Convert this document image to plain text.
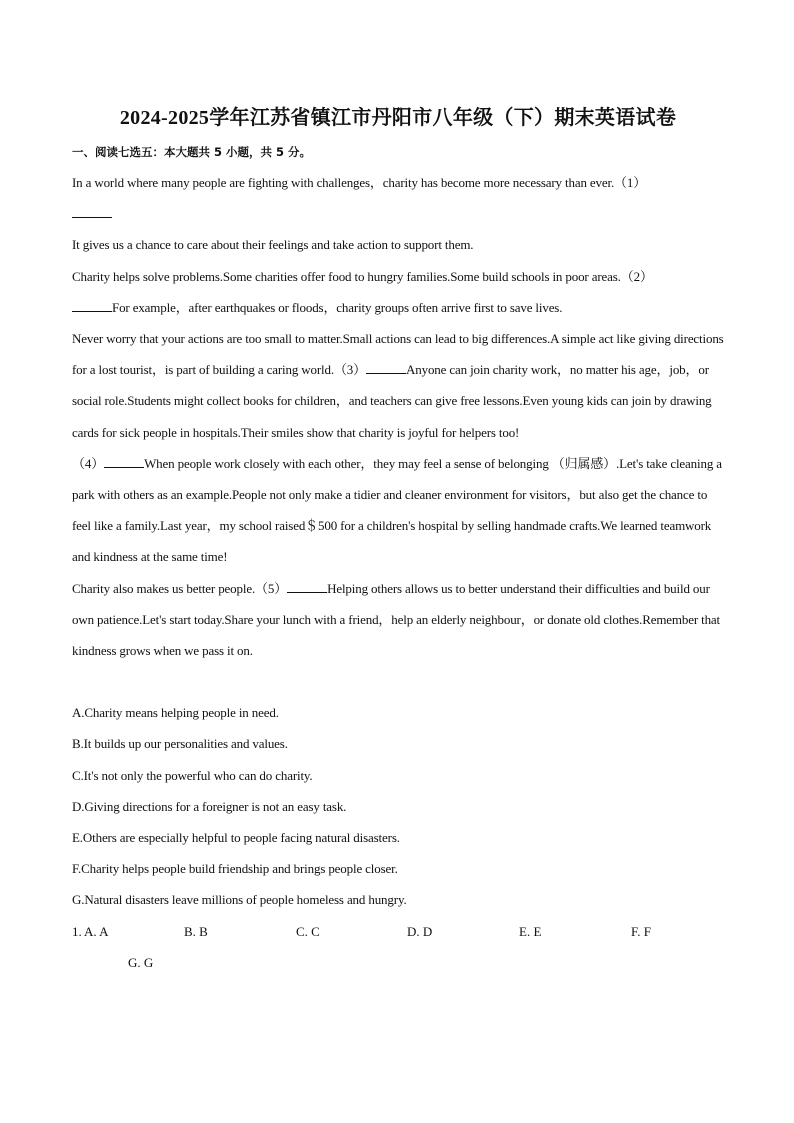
2024-2025学年江苏省镇江市丹阳市八年级（下）期末英语试卷
一、阅读七选五：本大题共 5 小题，共 5 分。

In a world where many people are fighting with challenges，charity has become more necessary than ever.（1）

It gives us a chance to care about their feelings and take action to support them.

Charity helps solve problems.Some charities offer food to hungry families.Some build schools in poor areas.（2）
For example，after earthquakes or floods，charity groups often arrive first to save lives.

Never worry that your actions are too small to matter.Small actions can lead to big differences.A simple act like giving directions for a lost tourist，is part of building a caring world.（3）	Anyone can join charity work，no matter his age，job，or social role.Students might collect books for children，and teachers can give free lessons.Even young kids can join by drawing cards for sick people in hospitals.Their smiles show that charity is joyful for helpers too!

（4）	When people work closely with each other，they may feel a sense of belonging （归属感）.Let's take cleaning a park with others as an example.People not only make a tidier and cleaner environment for visitors，but also get the chance to feel like a family.Last year，my school raised＄500 for a children's hospital by selling handmade crafts.We learned teamwork and kindness at the same time!

Charity also makes us better people.（5）	Helping others allows us to better understand their difficulties and build our own patience.Let's start today.Share your lunch with a friend，help an elderly neighbour，or donate old clothes.Remember that kindness grows when we pass it on.

A.Charity means helping people in need.
B.It builds up our personalities and values.
C.It's not only the powerful who can do charity.
D.Giving directions for a foreigner is not an easy task.
E.Others are especially helpful to people facing natural disasters.
F.Charity helps people build friendship and brings people closer.
G.Natural disasters leave millions of people homeless and hungry.
1. A. A	B. B	C. C	D. D	E. E	F. F
G. G
